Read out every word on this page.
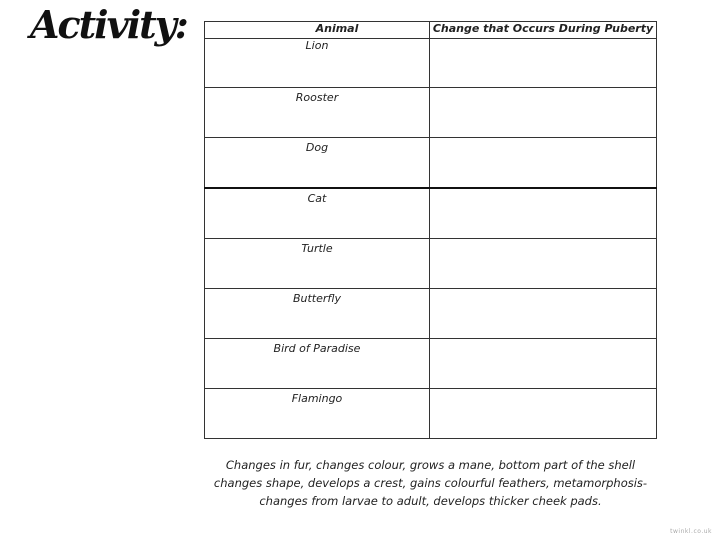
Activity:	Animal	Change that Occurs During Puberty
Lion	
Rooster	
Dog	
Cat	
Turtle	
Butterfly	
Bird of Paradise	
Flamingo	
Changes in fur, changes colour, grows a mane, bottom part of the shell changes shape, develops a crest, gains colourful feathers, metamorphosis- changes from larvae to adult, develops thicker cheek pads.
twinkl.co.uk
